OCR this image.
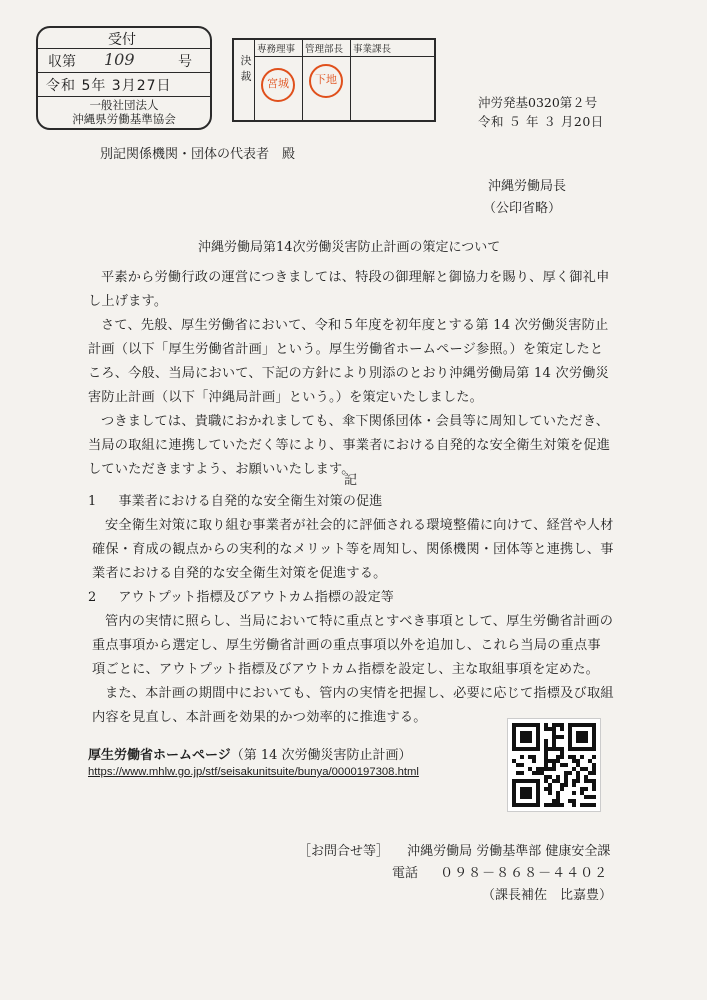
受付
収第 109	号
令和 5年 3月27日
一般社団法人
沖縄県労働基準協会
決裁
専務理事 管理部長 事業課長
宮城	下地
沖労発基0320第２号
令和 ５ 年 ３ 月20日
別記関係機関・団体の代表者　殿
沖縄労働局長
（公印省略）
沖縄労働局第14次労働災害防止計画の策定について

平素から労働行政の運営につきましては、特段の御理解と御協力を賜り、厚く御礼申し上げます。

さて、先般、厚生労働省において、令和５年度を初年度とする第 14 次労働災害防止計画（以下「厚生労働省計画」という。厚生労働省ホームページ参照。）を策定したところ、今般、当局において、下記の方針により別添のとおり沖縄労働局第 14 次労働災害防止計画（以下「沖縄局計画」という。）を策定いたしました。

つきましては、貴職におかれましても、傘下関係団体・会員等に周知していただき、当局の取組に連携していただく等により、事業者における自発的な安全衛生対策を促進していただきますよう、お願いいたします。

記
1 事業者における自発的な安全衛生対策の促進

安全衛生対策に取り組む事業者が社会的に評価される環境整備に向けて、経営や人材確保・育成の観点からの実利的なメリット等を周知し、関係機関・団体等と連携し、事業者における自発的な安全衛生対策を促進する。

2 アウトプット指標及びアウトカム指標の設定等

管内の実情に照らし、当局において特に重点とすべき事項として、厚生労働省計画の重点事項から選定し、厚生労働省計画の重点事項以外を追加し、これら当局の重点事項ごとに、アウトプット指標及びアウトカム指標を設定し、主な取組事項を定めた。

また、本計画の期間中においても、管内の実情を把握し、必要に応じて指標及び取組内容を見直し、本計画を効果的かつ効率的に推進する。

厚生労働省ホームページ（第 14 次労働災害防止計画）
https://www.mhlw.go.jp/stf/seisakunitsuite/bunya/0000197308.html
［お問合せ等］ 沖縄労働局 労働基準部 健康安全課
電話 ０９８－８６８－４４０２
（課長補佐　比嘉豊）
